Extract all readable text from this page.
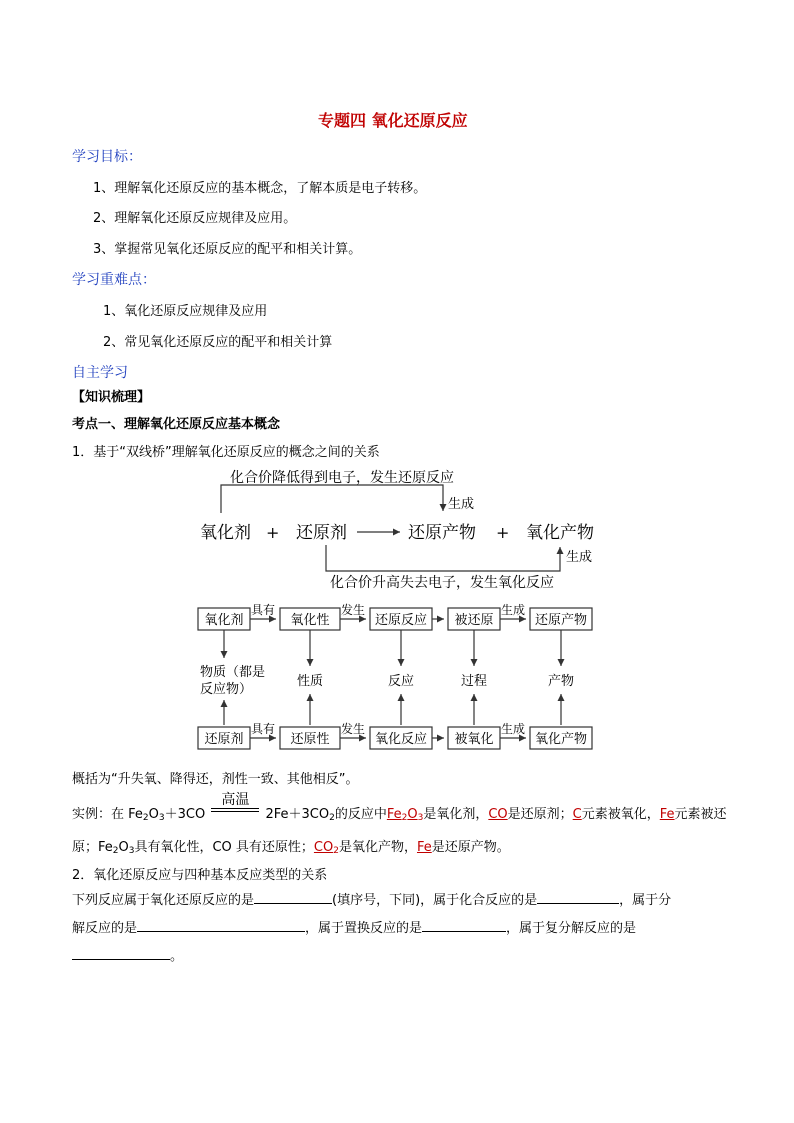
专题四 氧化还原反应
学习目标：
1、理解氧化还原反应的基本概念，了解本质是电子转移。
2、理解氧化还原反应规律及应用。
3、掌握常见氧化还原反应的配平和相关计算。
学习重难点：
1、氧化还原反应规律及应用
2、常见氧化还原反应的配平和相关计算
自主学习
【知识梳理】
考点一、理解氧化还原反应基本概念
1．基于“双线桥”理解氧化还原反应的概念之间的关系
化合价降低得到电子，发生还原反应
生成
氧化剂 + 还原剂	还原产物 + 氧化产物
生成
化合价升高失去电子，发生氧化反应
氧化剂	氧化性	还原反应 被还原	还原产物
还原剂	还原性	氧化反应 被氧化	氧化产物
具有	发生	生成
具有	发生	生成
物质（都是
反应物）
性质	反应	过程	产物
概括为“升失氧、降得还，剂性一致、其他相反”。
实例：在 $Fe_2O_3+3CO$
高温
$2Fe+3CO_2$的反应中$Fe_2O_3$是氧化剂，CO是还原剂；C元素被氧化，Fe元素被还
原；$Fe_2O_3$具有氧化性，CO 具有还原性；$CO_2$是氧化产物，Fe是还原产物。
2．氧化还原反应与四种基本反应类型的关系
下列反应属于氧化还原反应的是	(填序号，下同)，属于化合反应的是	，属于分
解反应的是	，属于置换反应的是	，属于复分解反应的是
。
